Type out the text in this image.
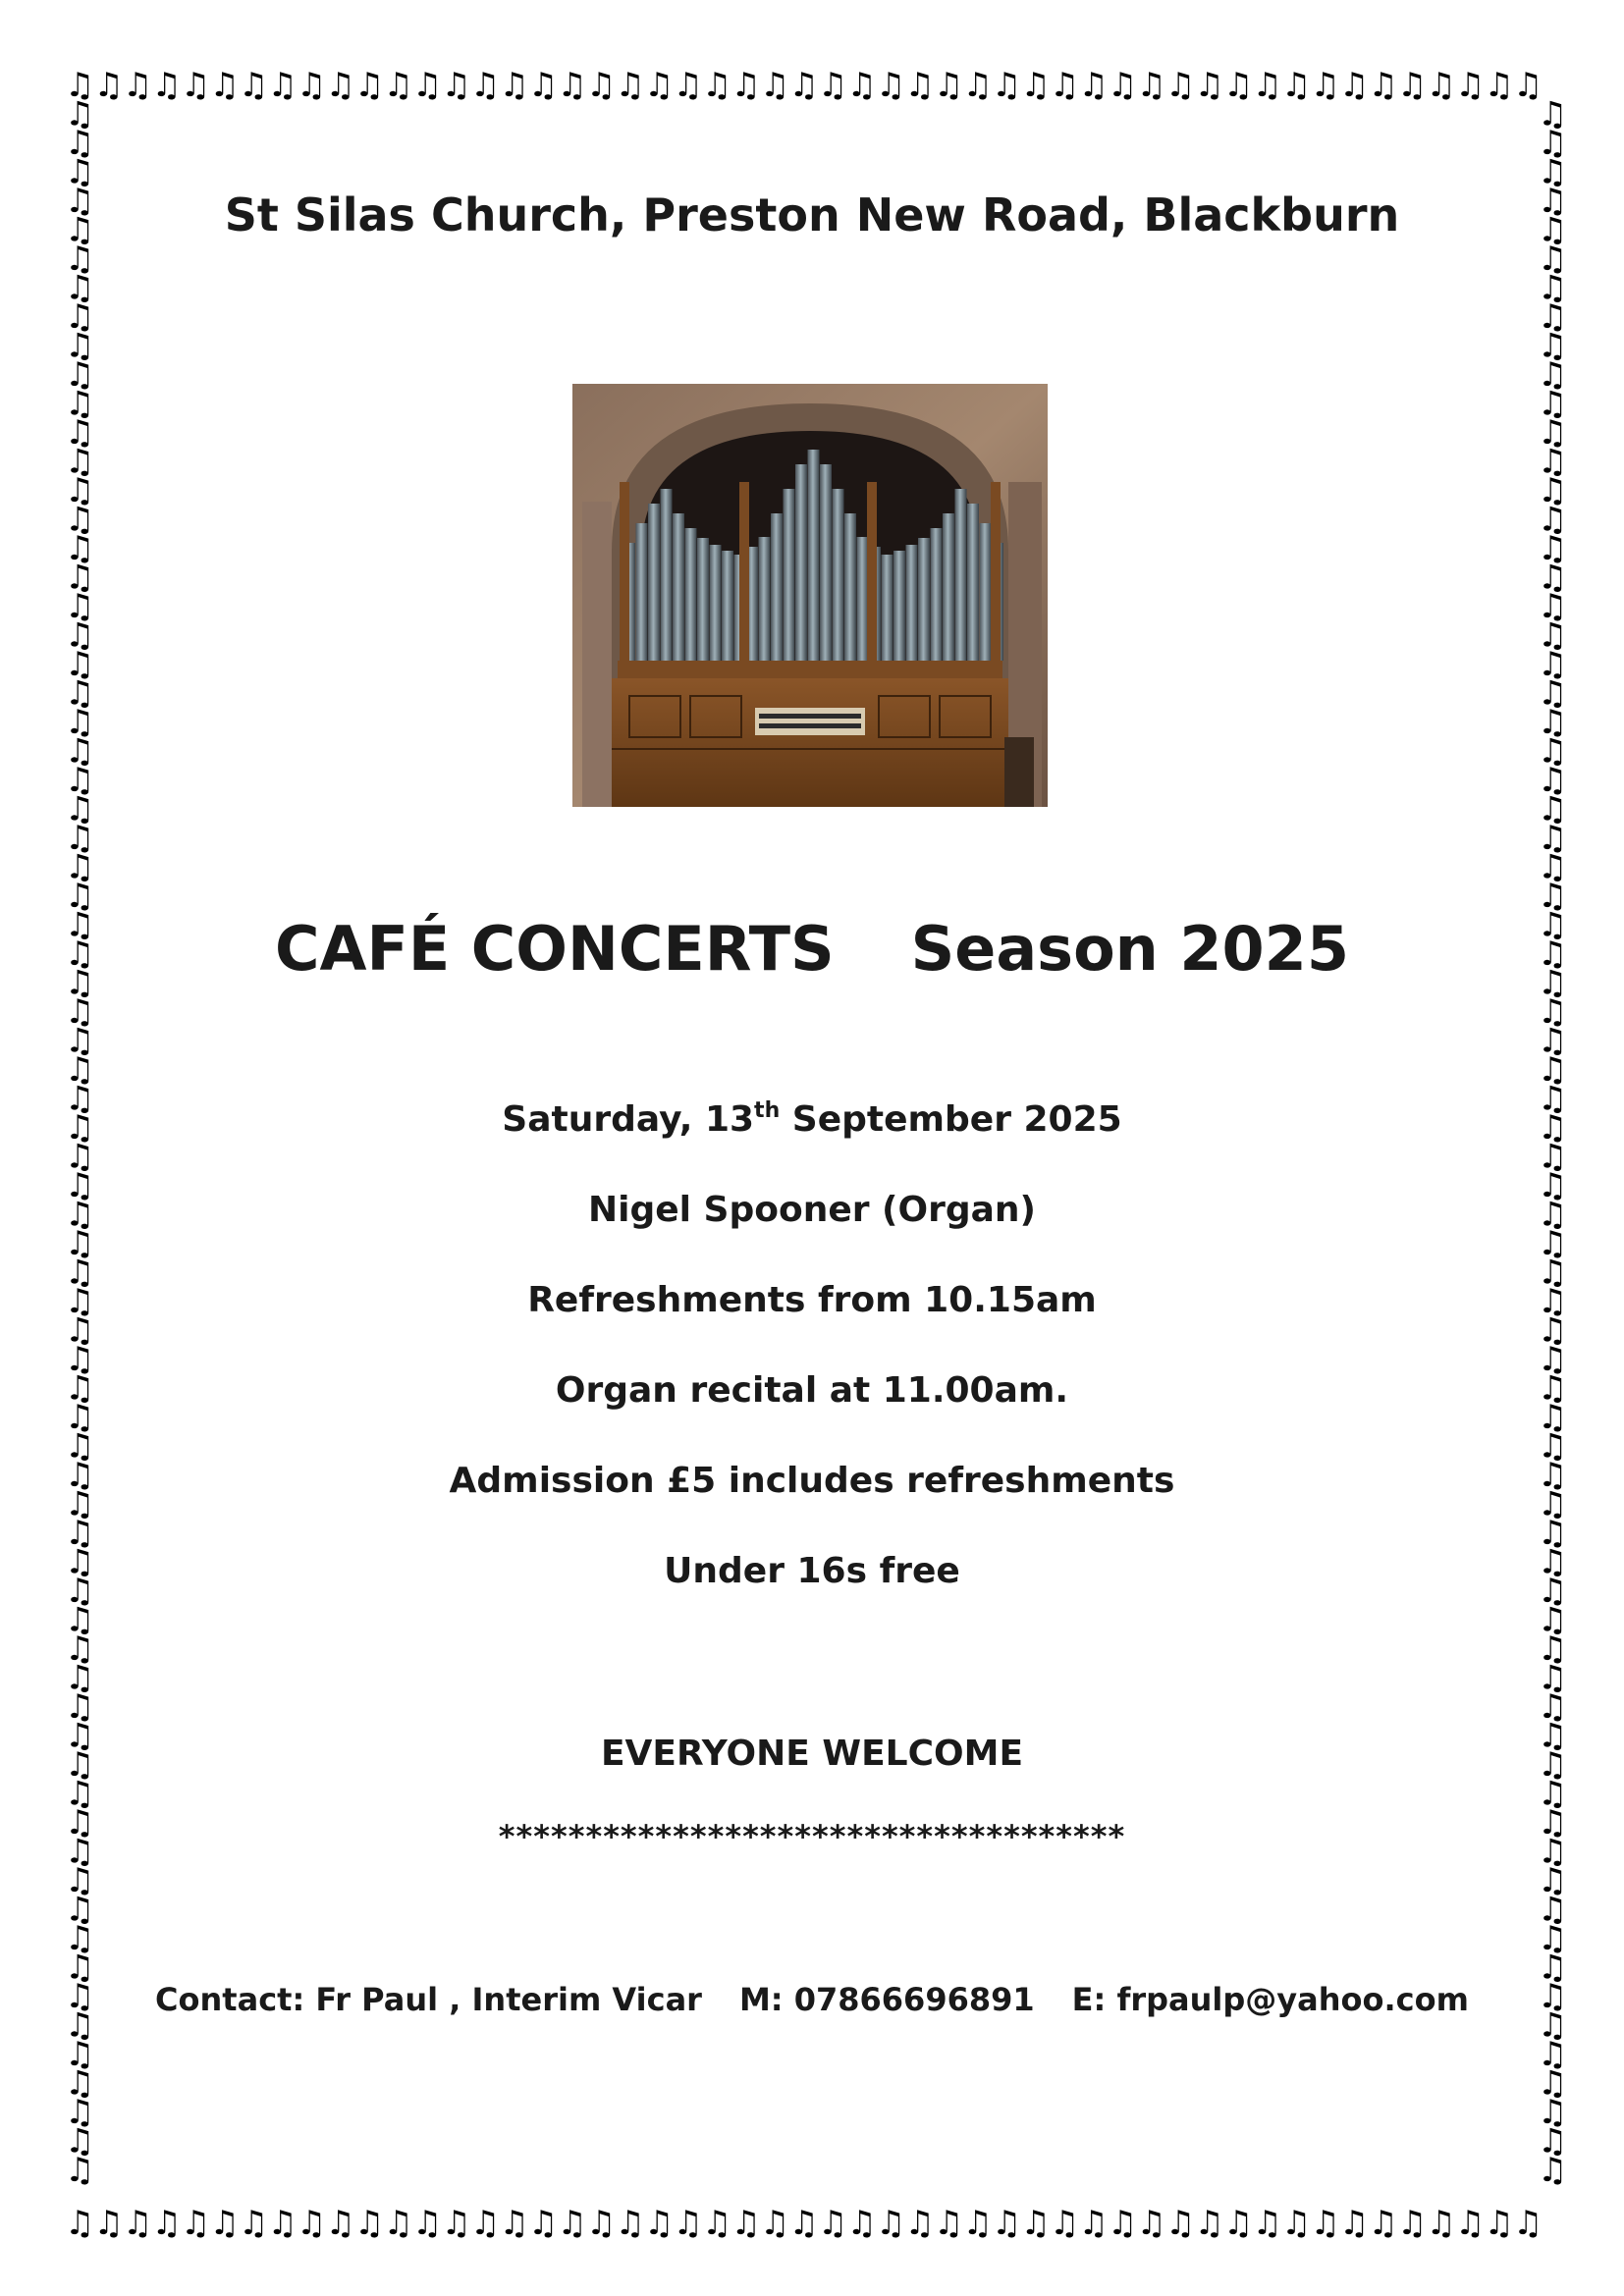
♫
♫
♫
♫
♫
♫
♫
♫
♫
♫
♫
♫
♫
♫
♫
♫
♫
♫
♫
♫
♫
♫
♫
♫
♫
♫
♫
♫
♫
♫
♫
♫
♫
♫
♫
♫
♫
♫
♫
♫
♫
♫
♫
♫
♫
♫
♫
♫
♫
♫
♫
♫
♫
♫
♫
♫
♫
♫
♫
♫
♫
♫
♫
♫
♫
♫
♫
♫
♫
♫
♫
♫
♫
♫
♫
♫
♫
♫
♫
♫
♫
♫
♫
♫
♫
♫
♫
♫
♫
♫
♫
♫
♫
♫
♫
♫
♫
♫
♫
♫
♫
♫
♫	♫
♫	♫
♫	♫
♫	♫
♫	♫
♫	♫
♫	♫
♫	♫
♫	♫
♫	♫
♫	♫
♫	♫
♫	♫
♫	♫
♫	♫
♫	♫
♫	♫
♫	♫
♫	♫
♫	♫
♫	♫
♫	♫
♫	♫
♫	♫
♫	♫
♫	♫
♫	♫
♫	♫
♫	♫
♫	♫
♫	♫
♫	♫
♫	♫
♫	♫
♫	♫
♫	♫
♫	♫
♫	♫
♫	♫
♫	♫
♫	♫
♫	♫
♫	♫
♫	♫
♫	♫
♫	♫
♫	♫
♫	♫
♫	♫
♫	♫
♫	♫
♫	♫
♫	♫
♫	♫
♫	♫
♫	♫
♫	♫
♫	♫
♫	♫
♫	♫
♫	♫
♫	♫
♫	♫
♫	♫
♫	♫
♫	♫
♫	♫
♫	♫
♫	♫
♫	♫
♫	♫
♫	♫
St Silas Church, Preston New Road, Blackburn
CAFÉ CONCERTS Season 2025
Saturday, 13th September 2025
Nigel Spooner (Organ)
Refreshments from 10.15am
Organ recital at 11.00am.
Admission £5 includes refreshments
Under 16s free
EVERYONE WELCOME
************************************
Contact: Fr Paul , Interim Vicar M: 07866696891 E: frpaulp@yahoo.com
